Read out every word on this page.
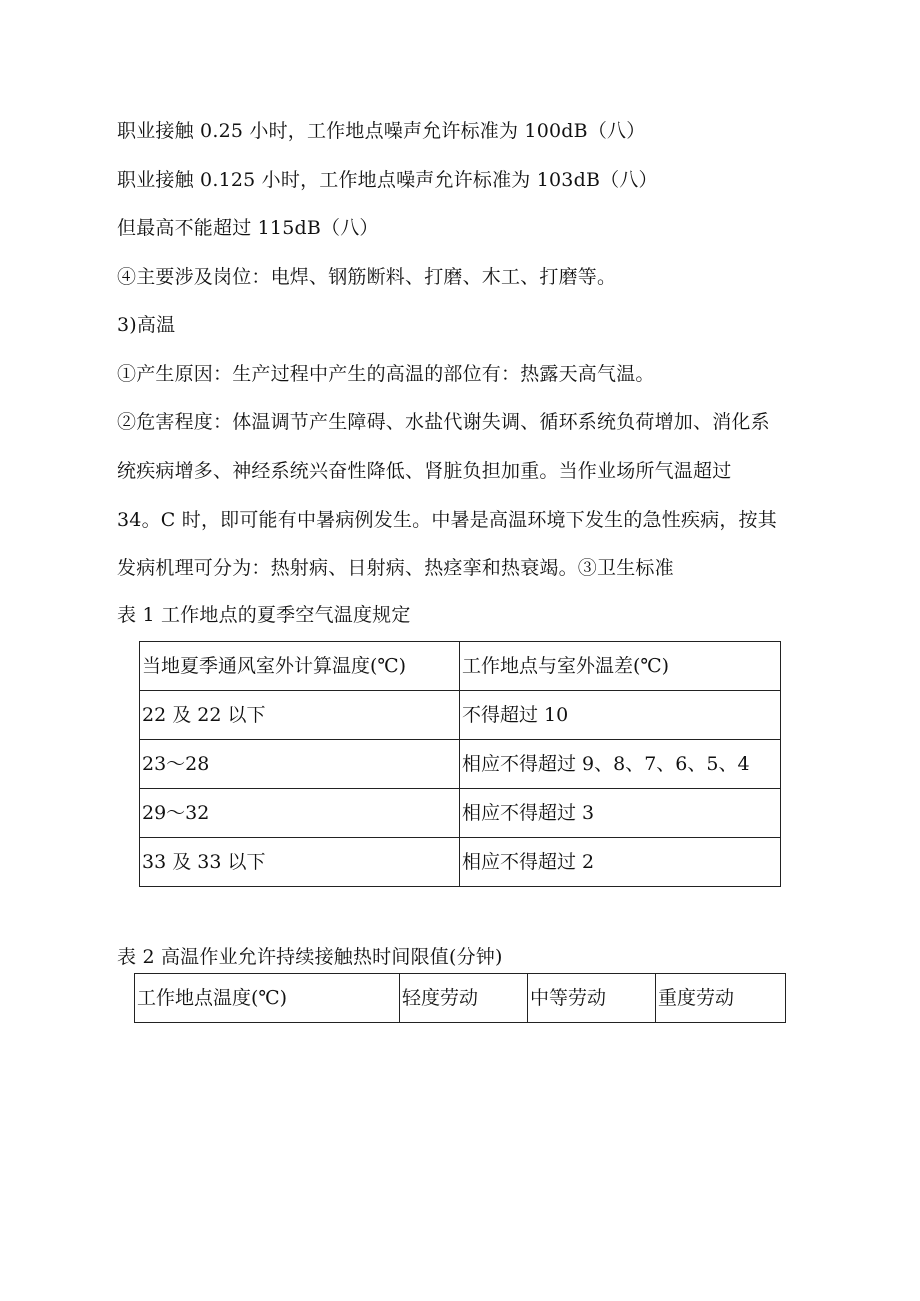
职业接触 0.25 小时，工作地点噪声允许标准为 100dB（八）
职业接触 0.125 小时，工作地点噪声允许标准为 103dB（八）
但最高不能超过 115dB（八）
④主要涉及岗位：电焊、钢筋断料、打磨、木工、打磨等。
3)高温
①产生原因：生产过程中产生的高温的部位有：热露天高气温。
②危害程度：体温调节产生障碍、水盐代谢失调、循环系统负荷增加、消化系
统疾病增多、神经系统兴奋性降低、肾脏负担加重。当作业场所气温超过
34。C 时，即可能有中暑病例发生。中暑是高温环境下发生的急性疾病，按其
发病机理可分为：热射病、日射病、热痉挛和热衰竭。③卫生标准
表 1 工作地点的夏季空气温度规定
当地夏季通风室外计算温度(℃)	工作地点与室外温差(℃)
22 及 22 以下	不得超过 10
23～28	相应不得超过 9、8、7、6、5、4
29～32	相应不得超过 3
33 及 33 以下	相应不得超过 2
表 2 高温作业允许持续接触热时间限值(分钟)
工作地点温度(℃)	轻度劳动	中等劳动	重度劳动
